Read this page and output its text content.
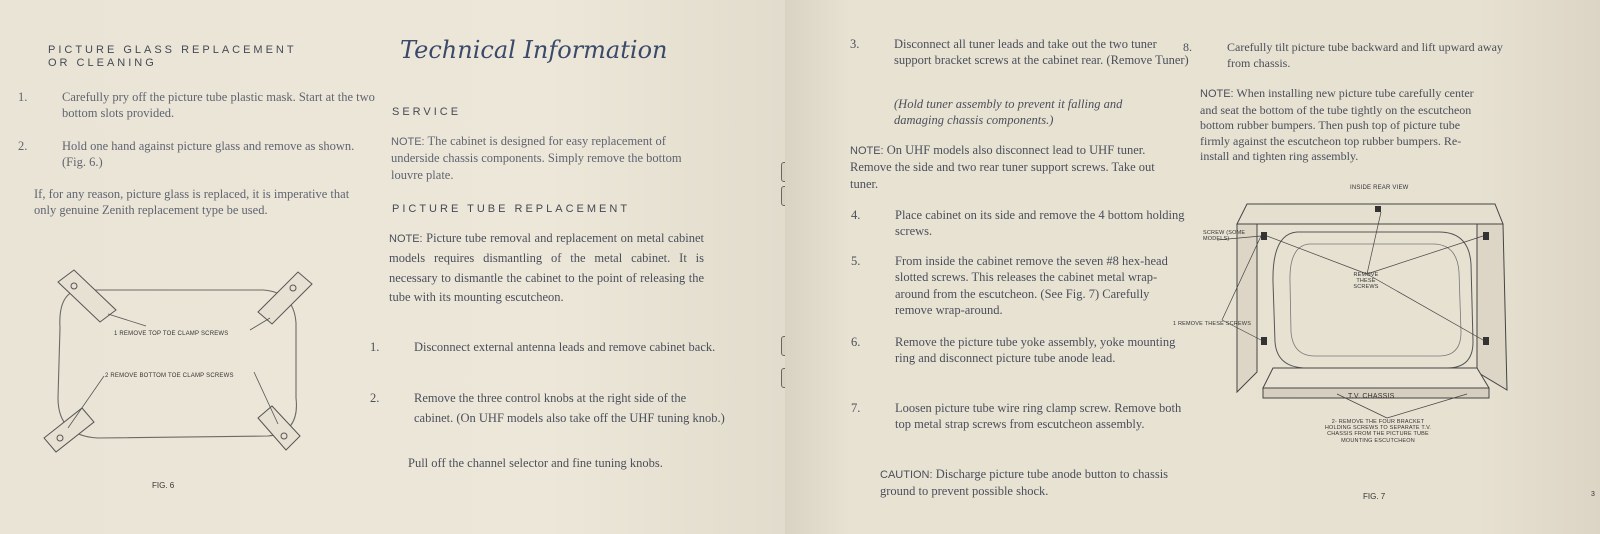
PICTURE GLASS REPLACEMENT
OR CLEANING
1.	Carefully pry off the picture tube plastic mask. Start at the two bottom slots provided.
2.	Hold one hand against picture glass and remove as shown. (Fig. 6.)
If, for any reason, picture glass is replaced, it is imperative that only genuine Zenith replacement type be used.
1 REMOVE TOP TOE CLAMP SCREWS
2 REMOVE BOTTOM TOE CLAMP SCREWS
FIG. 6
Technical Information
SERVICE
NOTE: The cabinet is designed for easy replacement of underside chassis components. Simply remove the bottom louvre plate.
PICTURE TUBE REPLACEMENT
NOTE: Picture tube removal and replacement on metal cabinet models requires dismantling of the metal cabinet. It is necessary to dismantle the cabinet to the point of releasing the tube with its mounting escutcheon.
1.	Disconnect external antenna leads and remove cabinet back.
2.	Remove the three control knobs at the right side of the cabinet. (On UHF models also take off the UHF tuning knob.)
Pull off the channel selector and fine tuning knobs.
3.	Disconnect all tuner leads and take out the two tuner support bracket screws at the cabinet rear. (Remove Tuner)
(Hold tuner assembly to prevent it falling and damaging chassis components.)
NOTE: On UHF models also disconnect lead to UHF tuner. Remove the side and two rear tuner support screws. Take out tuner.
4.	Place cabinet on its side and remove the 4 bottom holding screws.
5.	From inside the cabinet remove the seven #8 hex-head slotted screws. This releases the cabinet metal wrap-around from the escutcheon. (See Fig. 7) Carefully remove wrap-around.
6.	Remove the picture tube yoke assembly, yoke mounting ring and disconnect picture tube anode lead.
7.	Loosen picture tube wire ring clamp screw. Remove both top metal strap screws from escutcheon assembly.
CAUTION: Discharge picture tube anode button to chassis ground to prevent possible shock.
8.	Carefully tilt picture tube backward and lift upward away from chassis.
NOTE: When installing new picture tube carefully center and seat the bottom of the tube tightly on the escutcheon bottom rubber bumpers. Then push top of picture tube firmly against the escutcheon top rubber bumpers. Re-install and tighten ring assembly.
INSIDE REAR VIEW
SCREW (SOME MODELS)
REMOVE THESE SCREWS
1 REMOVE THESE SCREWS
T.V. CHASSIS
2- REMOVE THE FOUR BRACKET HOLDING SCREWS TO SEPARATE T.V. CHASSIS FROM THE PICTURE TUBE MOUNTING ESCUTCHEON
FIG. 7	3
